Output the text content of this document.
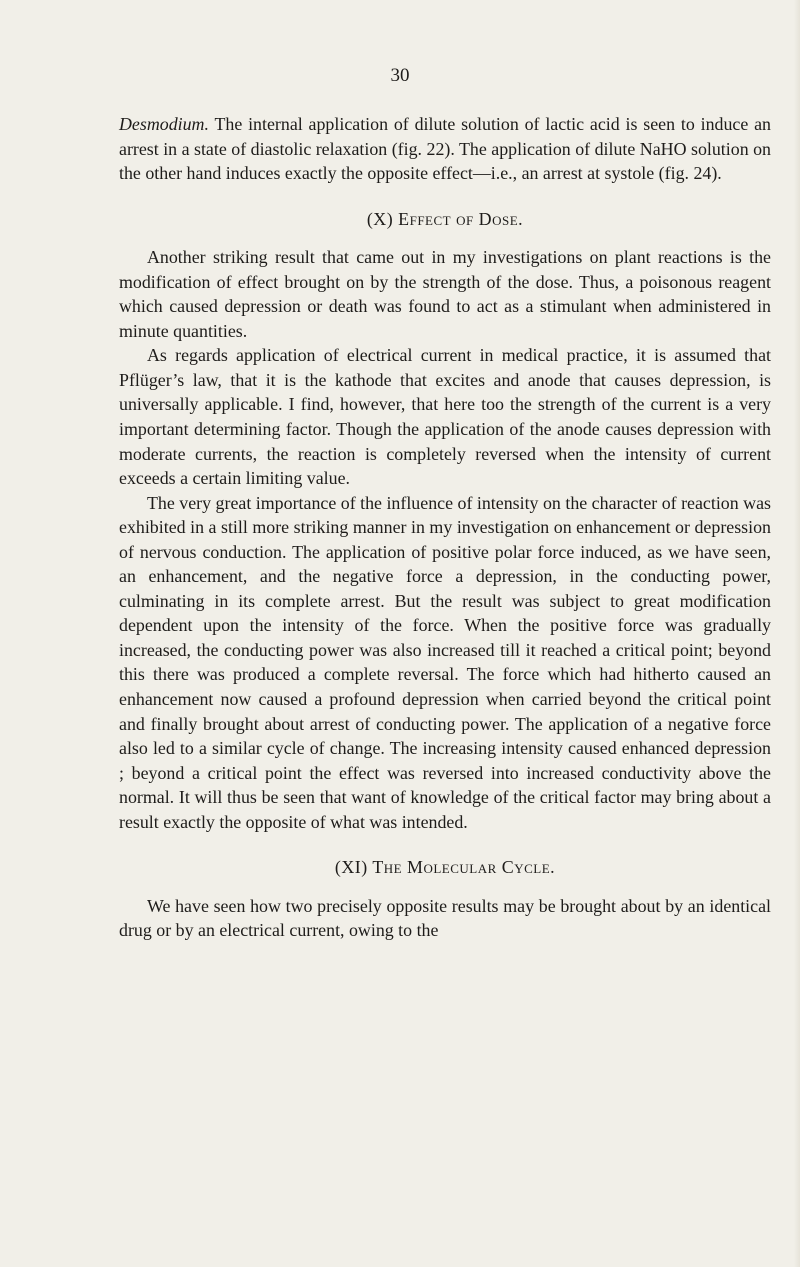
30

Desmodium. The internal application of dilute solution of lactic acid is seen to induce an arrest in a state of diastolic relaxation (fig. 22). The application of dilute NaHO solution on the other hand induces exactly the opposite effect—i.e., an arrest at systole (fig. 24).

(X) Effect of Dose.

Another striking result that came out in my investigations on plant reactions is the modification of effect brought on by the strength of the dose. Thus, a poisonous reagent which caused depression or death was found to act as a stimulant when administered in minute quantities.

As regards application of electrical current in medical practice, it is assumed that Pflüger’s law, that it is the kathode that excites and anode that causes depression, is universally applicable. I find, however, that here too the strength of the current is a very important determining factor. Though the application of the anode causes depression with moderate currents, the reaction is completely reversed when the intensity of current exceeds a certain limiting value.

The very great importance of the influence of intensity on the character of reaction was exhibited in a still more striking manner in my investigation on enhancement or depression of nervous conduction. The application of positive polar force induced, as we have seen, an enhancement, and the negative force a depression, in the conducting power, culminating in its complete arrest. But the result was subject to great modification dependent upon the intensity of the force. When the positive force was gradually increased, the conducting power was also increased till it reached a critical point; beyond this there was produced a complete reversal. The force which had hitherto caused an enhancement now caused a profound depression when carried beyond the critical point and finally brought about arrest of conducting power. The application of a negative force also led to a similar cycle of change. The increasing intensity caused enhanced depression ; beyond a critical point the effect was reversed into increased conductivity above the normal. It will thus be seen that want of knowledge of the critical factor may bring about a result exactly the opposite of what was intended.

(XI) The Molecular Cycle.

We have seen how two precisely opposite results may be brought about by an identical drug or by an electrical current, owing to the
